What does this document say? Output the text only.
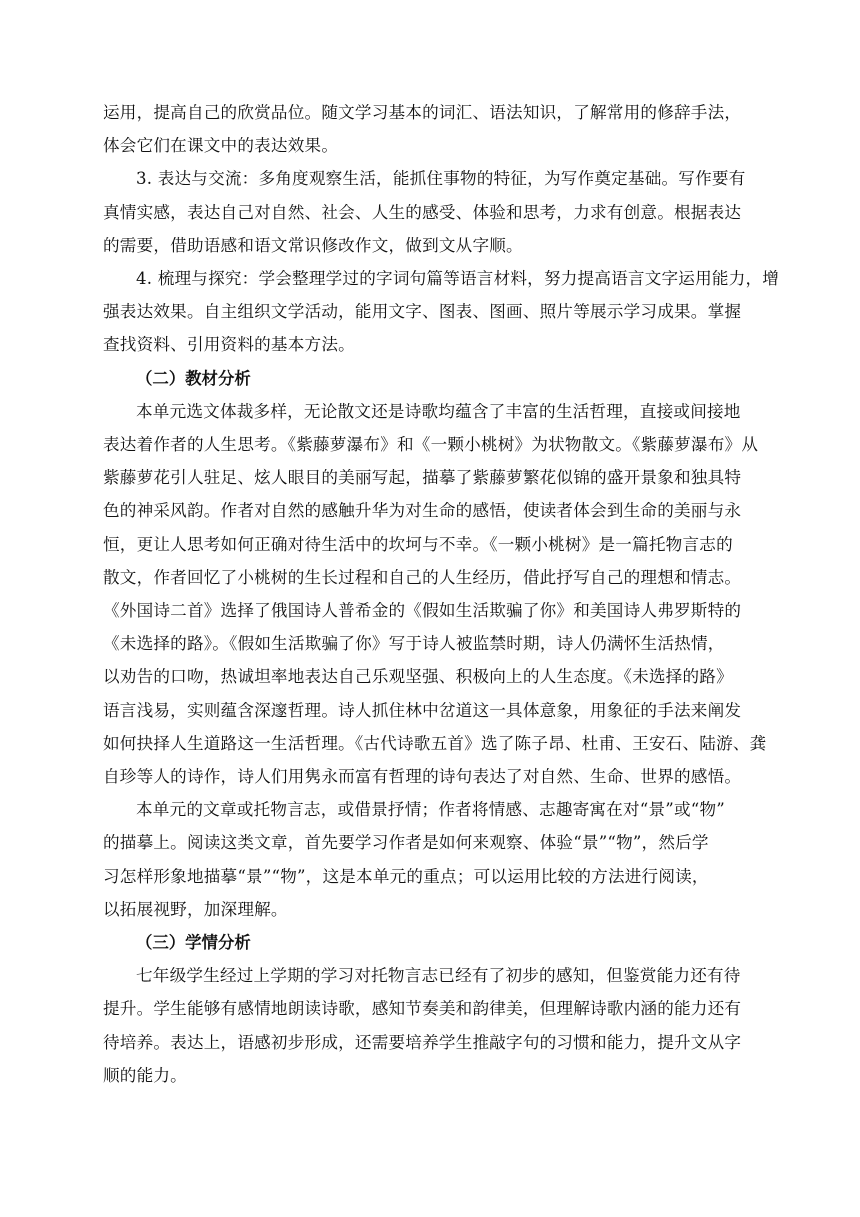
运用，提高自己的欣赏品位。随文学习基本的词汇、语法知识，了解常用的修辞手法，
体会它们在课文中的表达效果。

3. 表达与交流：多角度观察生活，能抓住事物的特征，为写作奠定基础。写作要有
真情实感，表达自己对自然、社会、人生的感受、体验和思考，力求有创意。根据表达
的需要，借助语感和语文常识修改作文，做到文从字顺。

4. 梳理与探究：学会整理学过的字词句篇等语言材料，努力提高语言文字运用能力，增
强表达效果。自主组织文学活动，能用文字、图表、图画、照片等展示学习成果。掌握
查找资料、引用资料的基本方法。

（二）教材分析

本单元选文体裁多样，无论散文还是诗歌均蕴含了丰富的生活哲理，直接或间接地
表达着作者的人生思考。《紫藤萝瀑布》和《一颗小桃树》为状物散文。《紫藤萝瀑布》从
紫藤萝花引人驻足、炫人眼目的美丽写起，描摹了紫藤萝繁花似锦的盛开景象和独具特
色的神采风韵。作者对自然的感触升华为对生命的感悟，使读者体会到生命的美丽与永
恒，更让人思考如何正确对待生活中的坎坷与不幸。《一颗小桃树》是一篇托物言志的
散文，作者回忆了小桃树的生长过程和自己的人生经历，借此抒写自己的理想和情志。
《外国诗二首》选择了俄国诗人普希金的《假如生活欺骗了你》和美国诗人弗罗斯特的
《未选择的路》。《假如生活欺骗了你》写于诗人被监禁时期，诗人仍满怀生活热情，
以劝告的口吻，热诚坦率地表达自己乐观坚强、积极向上的人生态度。《未选择的路》
语言浅易，实则蕴含深邃哲理。诗人抓住林中岔道这一具体意象，用象征的手法来阐发
如何抉择人生道路这一生活哲理。《古代诗歌五首》选了陈子昂、杜甫、王安石、陆游、龚
自珍等人的诗作，诗人们用隽永而富有哲理的诗句表达了对自然、生命、世界的感悟。

本单元的文章或托物言志，或借景抒情；作者将情感、志趣寄寓在对“景”或“物”
的描摹上。阅读这类文章，首先要学习作者是如何来观察、体验“景”“物”，然后学
习怎样形象地描摹“景”“物”，这是本单元的重点；可以运用比较的方法进行阅读，
以拓展视野，加深理解。

（三）学情分析

七年级学生经过上学期的学习对托物言志已经有了初步的感知，但鉴赏能力还有待
提升。学生能够有感情地朗读诗歌，感知节奏美和韵律美，但理解诗歌内涵的能力还有
待培养。表达上，语感初步形成，还需要培养学生推敲字句的习惯和能力，提升文从字
顺的能力。
